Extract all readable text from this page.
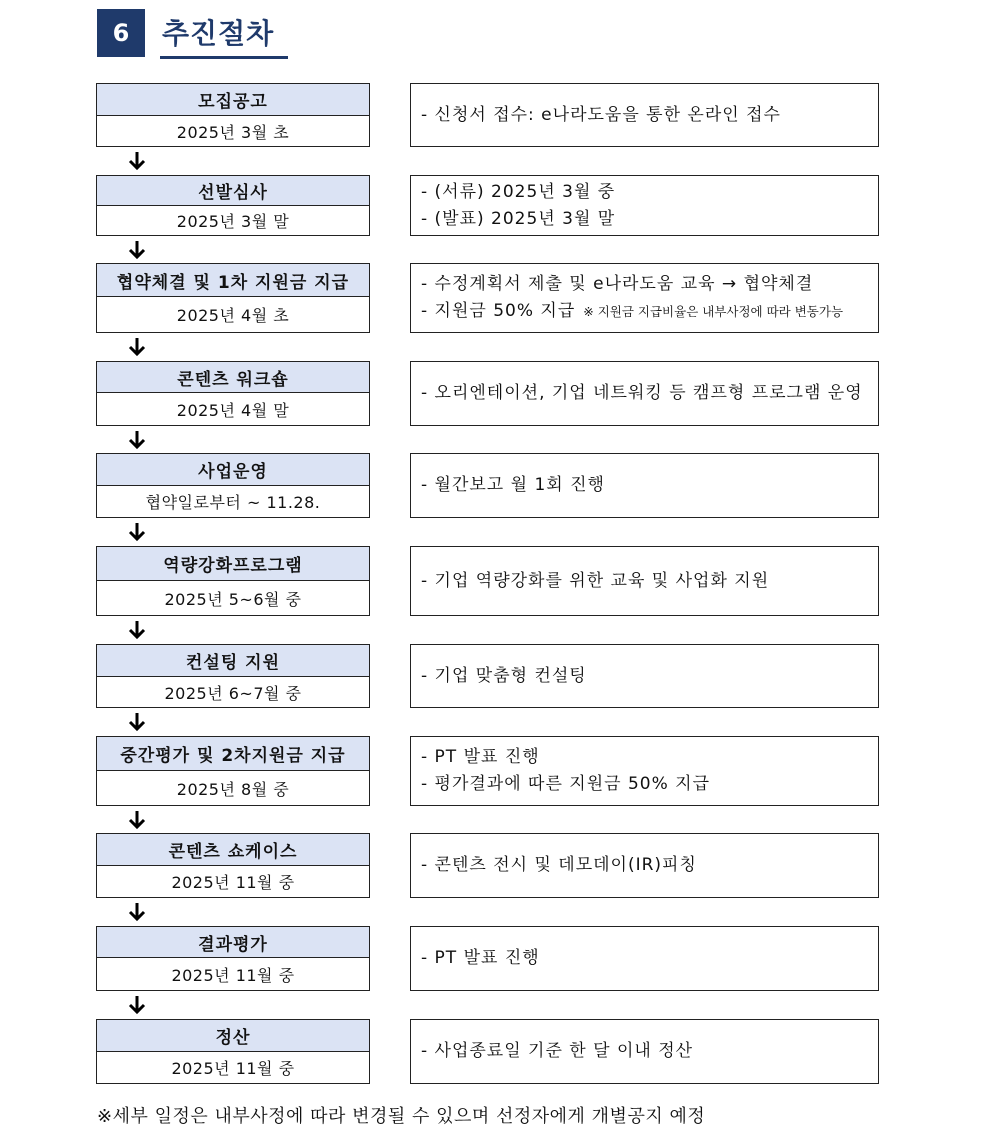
6	추진절차
모집공고
2025년 3월 초
- 신청서 접수: e나라도움을 통한 온라인 접수
선발심사
2025년 3월 말
- (서류) 2025년 3월 중
- (발표) 2025년 3월 말
협약체결 및 1차 지원금 지급
2025년 4월 초
- 수정계획서 제출 및 e나라도움 교육 → 협약체결
- 지원금 50% 지급 ※ 지원금 지급비율은 내부사정에 따라 변동가능
콘텐츠 워크숍
2025년 4월 말
- 오리엔테이션, 기업 네트워킹 등 캠프형 프로그램 운영
사업운영
협약일로부터 ~ 11.28.
- 월간보고 월 1회 진행
역량강화프로그램
2025년 5~6월 중
- 기업 역량강화를 위한 교육 및 사업화 지원
컨설팅 지원
2025년 6~7월 중
- 기업 맞춤형 컨설팅
중간평가 및 2차지원금 지급
2025년 8월 중
- PT 발표 진행
- 평가결과에 따른 지원금 50% 지급
콘텐츠 쇼케이스
2025년 11월 중
- 콘텐츠 전시 및 데모데이(IR)피칭
결과평가
2025년 11월 중
- PT 발표 진행
정산
2025년 11월 중
- 사업종료일 기준 한 달 이내 정산
※세부 일정은 내부사정에 따라 변경될 수 있으며 선정자에게 개별공지 예정
